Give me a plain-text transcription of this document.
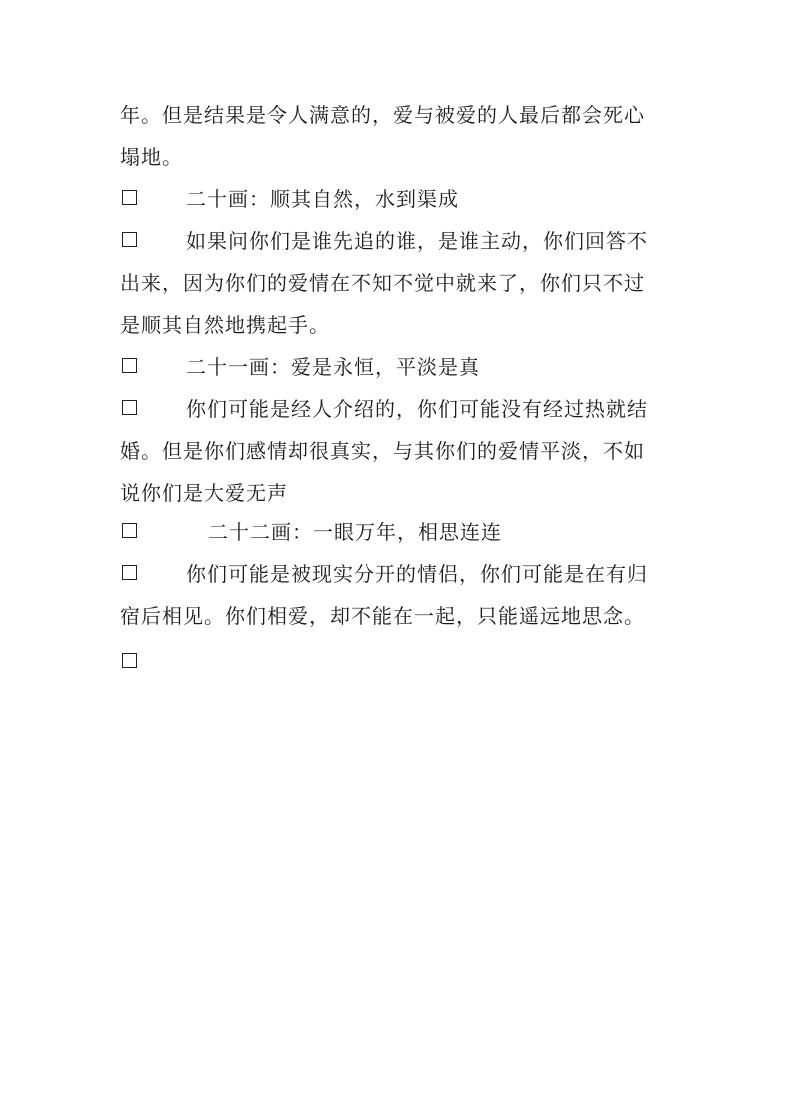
年。但是结果是令人满意的，爱与被爱的人最后都会死心
塌地。
二十画：顺其自然，水到渠成
如果问你们是谁先追的谁，是谁主动，你们回答不
出来，因为你们的爱情在不知不觉中就来了，你们只不过
是顺其自然地携起手。
二十一画：爱是永恒，平淡是真
你们可能是经人介绍的，你们可能没有经过热就结
婚。但是你们感情却很真实，与其你们的爱情平淡，不如
说你们是大爱无声
二十二画：一眼万年，相思连连
你们可能是被现实分开的情侣，你们可能是在有归
宿后相见。你们相爱，却不能在一起，只能遥远地思念。
